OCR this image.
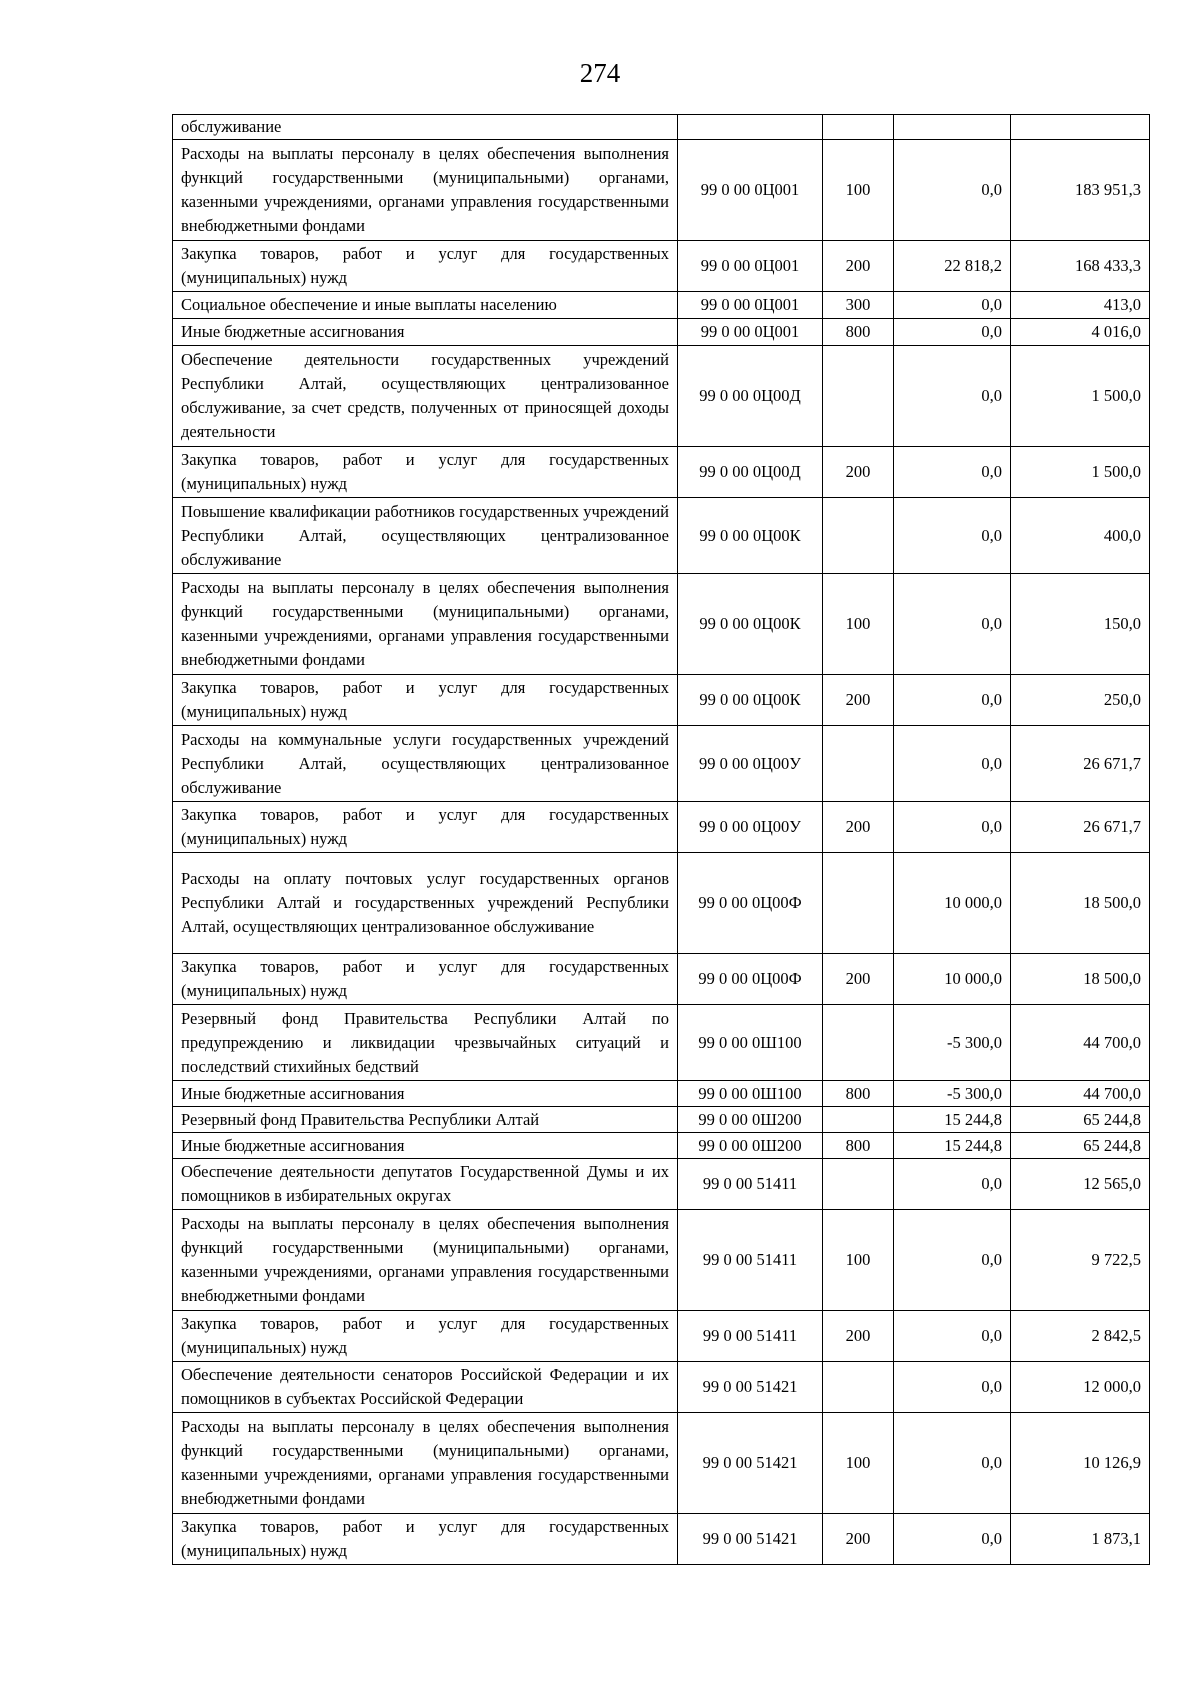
274
обслуживание				
Расходы на выплаты персоналу в целях обеспечения выполнения функций государственными (муниципальными) органами, казенными учреждениями, органами управления государственными внебюджетными фондами	99 0 00 0Ц001	100	0,0	183 951,3
Закупка товаров, работ и услуг для государственных (муниципальных) нужд	99 0 00 0Ц001	200	22 818,2	168 433,3
Социальное обеспечение и иные выплаты населению	99 0 00 0Ц001	300	0,0	413,0
Иные бюджетные ассигнования	99 0 00 0Ц001	800	0,0	4 016,0
Обеспечение деятельности государственных учреждений Республики Алтай, осуществляющих централизованное обслуживание, за счет средств, полученных от приносящей доходы деятельности	99 0 00 0Ц00Д		0,0	1 500,0
Закупка товаров, работ и услуг для государственных (муниципальных) нужд	99 0 00 0Ц00Д	200	0,0	1 500,0
Повышение квалификации работников государственных учреждений Республики Алтай, осуществляющих централизованное обслуживание	99 0 00 0Ц00К		0,0	400,0
Расходы на выплаты персоналу в целях обеспечения выполнения функций государственными (муниципальными) органами, казенными учреждениями, органами управления государственными внебюджетными фондами	99 0 00 0Ц00К	100	0,0	150,0
Закупка товаров, работ и услуг для государственных (муниципальных) нужд	99 0 00 0Ц00К	200	0,0	250,0
Расходы на коммунальные услуги государственных учреждений Республики Алтай, осуществляющих централизованное обслуживание	99 0 00 0Ц00У		0,0	26 671,7
Закупка товаров, работ и услуг для государственных (муниципальных) нужд	99 0 00 0Ц00У	200	0,0	26 671,7
Расходы на оплату почтовых услуг государственных органов Республики Алтай и государственных учреждений Республики Алтай, осуществляющих централизованное обслуживание	99 0 00 0Ц00Ф		10 000,0	18 500,0
Закупка товаров, работ и услуг для государственных (муниципальных) нужд	99 0 00 0Ц00Ф	200	10 000,0	18 500,0
Резервный фонд Правительства Республики Алтай по предупреждению и ликвидации чрезвычайных ситуаций и последствий стихийных бедствий	99 0 00 0Ш100		-5 300,0	44 700,0
Иные бюджетные ассигнования	99 0 00 0Ш100	800	-5 300,0	44 700,0
Резервный фонд Правительства Республики Алтай	99 0 00 0Ш200		15 244,8	65 244,8
Иные бюджетные ассигнования	99 0 00 0Ш200	800	15 244,8	65 244,8
Обеспечение деятельности депутатов Государственной Думы и их помощников в избирательных округах	99 0 00 51411		0,0	12 565,0
Расходы на выплаты персоналу в целях обеспечения выполнения функций государственными (муниципальными) органами, казенными учреждениями, органами управления государственными внебюджетными фондами	99 0 00 51411	100	0,0	9 722,5
Закупка товаров, работ и услуг для государственных (муниципальных) нужд	99 0 00 51411	200	0,0	2 842,5
Обеспечение деятельности сенаторов Российской Федерации и их помощников в субъектах Российской Федерации	99 0 00 51421		0,0	12 000,0
Расходы на выплаты персоналу в целях обеспечения выполнения функций государственными (муниципальными) органами, казенными учреждениями, органами управления государственными внебюджетными фондами	99 0 00 51421	100	0,0	10 126,9
Закупка товаров, работ и услуг для государственных (муниципальных) нужд	99 0 00 51421	200	0,0	1 873,1
